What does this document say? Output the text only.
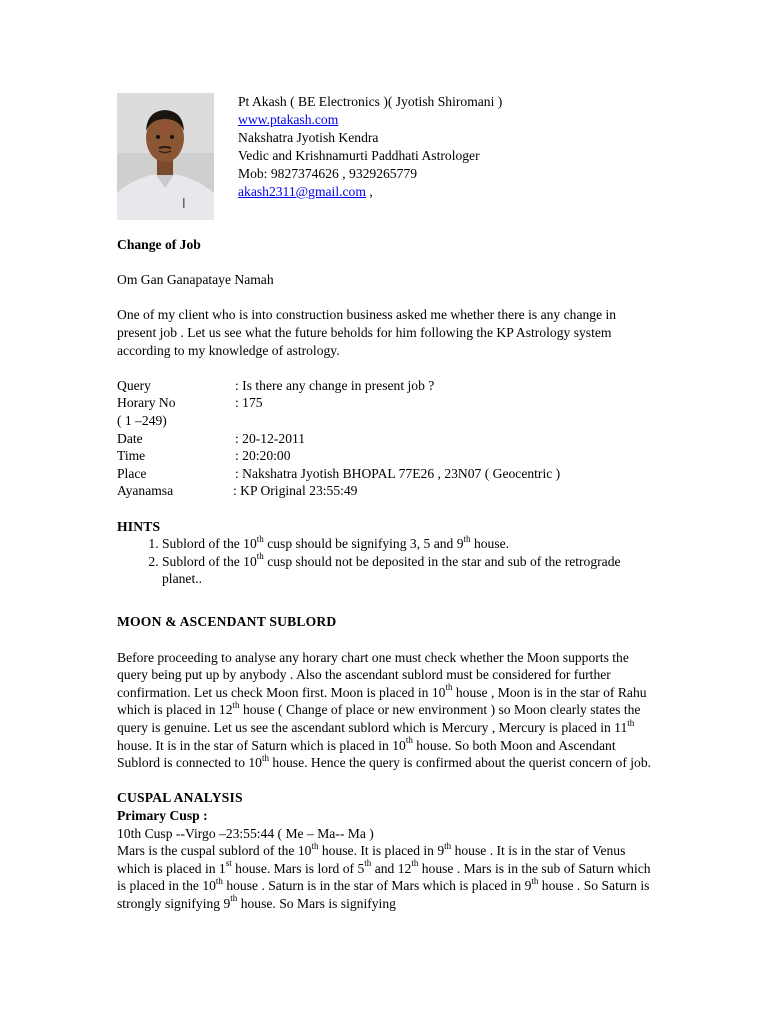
Pt Akash ( BE Electronics )( Jyotish Shiromani )
www.ptakash.com
Nakshatra Jyotish Kendra
Vedic and Krishnamurti Paddhati Astrologer
Mob: 9827374626 , 9329265779
akash2311@gmail.com ,

Change of Job

Om Gan Ganapataye Namah

One of my client who is into construction business asked me whether there is any change in present job . Let us see what the future beholds for him following the KP Astrology system according to my knowledge of astrology.

Query	: Is there any change in present job ?
Horary No	: 175
( 1 –249)
Date	: 20-12-2011
Time	: 20:20:00
Place	: Nakshatra Jyotish BHOPAL 77E26 , 23N07 ( Geocentric )
Ayanamsa	: KP Original 23:55:49

HINTS

1. Sublord of the 10th cusp should be signifying 3, 5 and 9th house.
2. Sublord of the 10th cusp should not be deposited in the star and sub of the retrograde planet..

MOON & ASCENDANT SUBLORD

Before proceeding to analyse any horary chart one must check whether the Moon supports the query being put up by anybody . Also the ascendant sublord must be considered for further confirmation. Let us check Moon first. Moon is placed in 10th house , Moon is in the star of Rahu which is placed in 12th house ( Change of place or new environment ) so Moon clearly states the query is genuine. Let us see the ascendant sublord which is Mercury , Mercury is placed in 11th house. It is in the star of Saturn which is placed in 10th house. So both Moon and Ascendant Sublord is connected to 10th house. Hence the query is confirmed about the querist concern of job.

CUSPAL ANALYSIS

Primary Cusp :

10th Cusp --Virgo –23:55:44 ( Me – Ma-- Ma )

Mars is the cuspal sublord of the 10th house. It is placed in 9th house . It is in the star of Venus which is placed in 1st house. Mars is lord of 5th and 12th house . Mars is in the sub of Saturn which is placed in the 10th house . Saturn is in the star of Mars which is placed in 9th house . So Saturn is strongly signifying 9th house. So Mars is signifying
